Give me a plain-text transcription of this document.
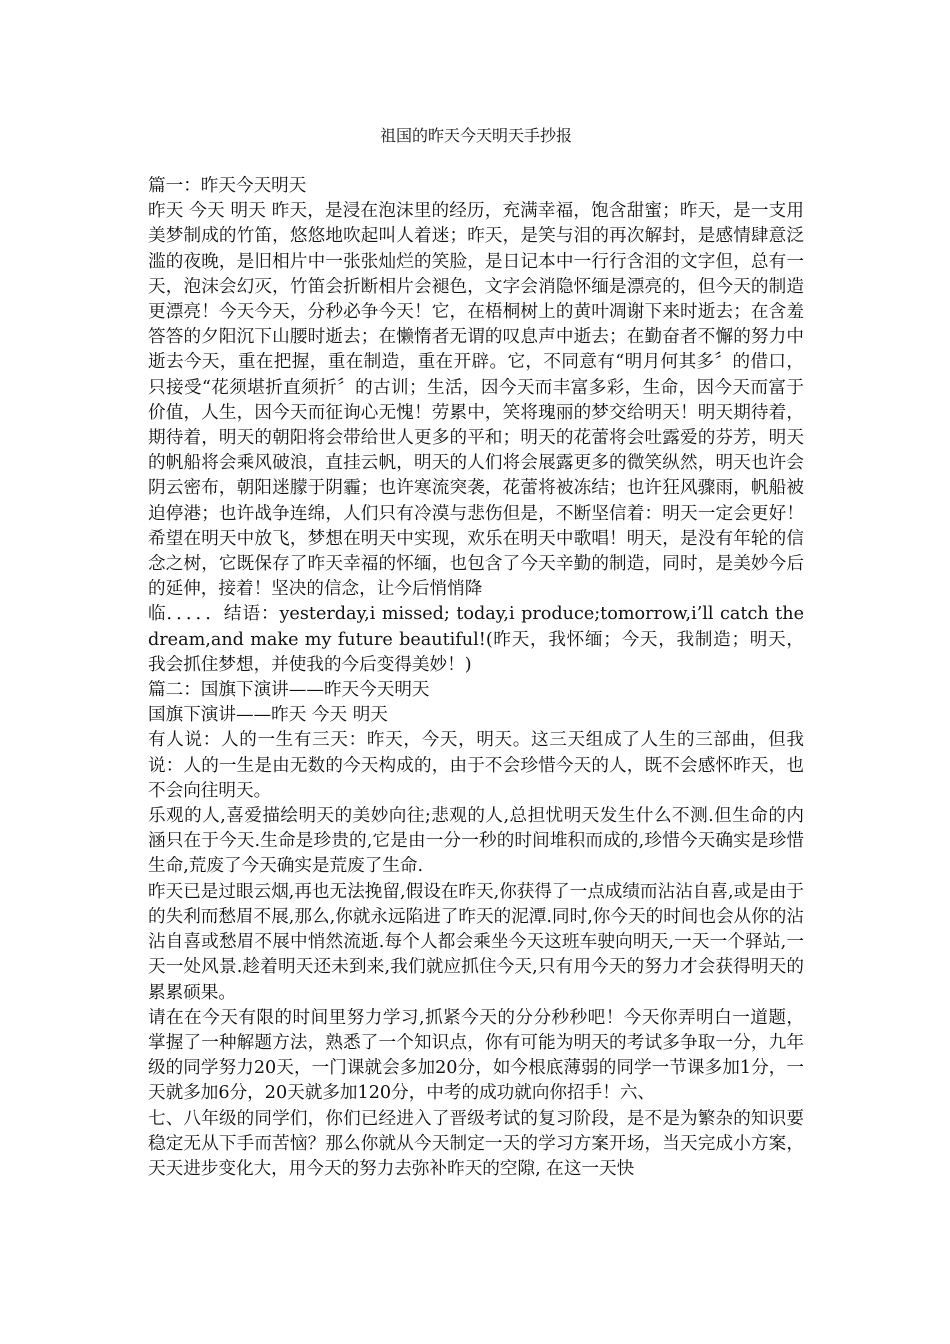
祖国的昨天今天明天手抄报

篇一：昨天今天明天

昨天 今天 明天 昨天，是浸在泡沫里的经历，充满幸福，饱含甜蜜；昨天，是一支用美梦制成的竹笛，悠悠地吹起叫人着迷；昨天，是笑与泪的再次解封，是感情肆意泛滥的夜晚，是旧相片中一张张灿烂的笑脸，是日记本中一行行含泪的文字但，总有一天，泡沫会幻灭，竹笛会折断相片会褪色，文字会消隐怀缅是漂亮的，但今天的制造更漂亮！今天今天，分秒必争今天！它，在梧桐树上的黄叶凋谢下来时逝去；在含羞答答的夕阳沉下山腰时逝去；在懒惰者无谓的叹息声中逝去；在勤奋者不懈的努力中逝去今天，重在把握，重在制造，重在开辟。它，不同意有“明月何其多〞的借口，只接受“花须堪折直须折〞的古训；生活，因今天而丰富多彩，生命，因今天而富于价值，人生，因今天而征询心无愧！劳累中，笑将瑰丽的梦交给明天！明天期待着，期待着，明天的朝阳将会带给世人更多的平和；明天的花蕾将会吐露爱的芬芳，明天的帆船将会乘风破浪，直挂云帆，明天的人们将会展露更多的微笑纵然，明天也许会阴云密布，朝阳迷朦于阴霾；也许寒流突袭，花蕾将被冻结；也许狂风骤雨，帆船被迫停港；也许战争连绵，人们只有冷漠与悲伤但是，不断坚信着：明天一定会更好！希望在明天中放飞，梦想在明天中实现，欢乐在明天中歌唱！明天，是没有年轮的信念之树，它既保存了昨天幸福的怀缅，也包含了今天辛勤的制造，同时，是美妙今后的延伸，接着！坚决的信念，让今后悄悄降

临．．．．．结语：yesterday,i missed; today,i produce;tomorrow,i’ll catch the dream,and make my future beautiful!(昨天，我怀缅；今天，我制造；明天，我会抓住梦想，并使我的今后变得美妙！)

篇二：国旗下演讲——昨天今天明天

国旗下演讲——昨天 今天 明天

有人说：人的一生有三天：昨天，今天，明天。这三天组成了人生的三部曲，但我说：人的一生是由无数的今天构成的，由于不会珍惜今天的人，既不会感怀昨天，也不会向往明天。

乐观的人,喜爱描绘明天的美妙向往;悲观的人,总担忧明天发生什么不测.但生命的内涵只在于今天.生命是珍贵的,它是由一分一秒的时间堆积而成的,珍惜今天确实是珍惜生命,荒废了今天确实是荒废了生命.

昨天已是过眼云烟,再也无法挽留,假设在昨天,你获得了一点成绩而沾沾自喜,或是由于的失利而愁眉不展,那么,你就永远陷进了昨天的泥潭.同时,你今天的时间也会从你的沾沾自喜或愁眉不展中悄然流逝.每个人都会乘坐今天这班车驶向明天,一天一个驿站,一天一处风景.趁着明天还未到来,我们就应抓住今天,只有用今天的努力才会获得明天的累累硕果。

请在在今天有限的时间里努力学习,抓紧今天的分分秒秒吧！今天你弄明白一道题，掌握了一种解题方法，熟悉了一个知识点，你有可能为明天的考试多争取一分，九年级的同学努力20天，一门课就会多加20分，如今根底薄弱的同学一节课多加1分，一天就多加6分，20天就多加120分，中考的成功就向你招手！六、

七、八年级的同学们，你们已经进入了晋级考试的复习阶段，是不是为繁杂的知识要稳定无从下手而苦恼？那么你就从今天制定一天的学习方案开场，当天完成小方案，天天进步变化大，用今天的努力去弥补昨天的空隙, 在这一天快
